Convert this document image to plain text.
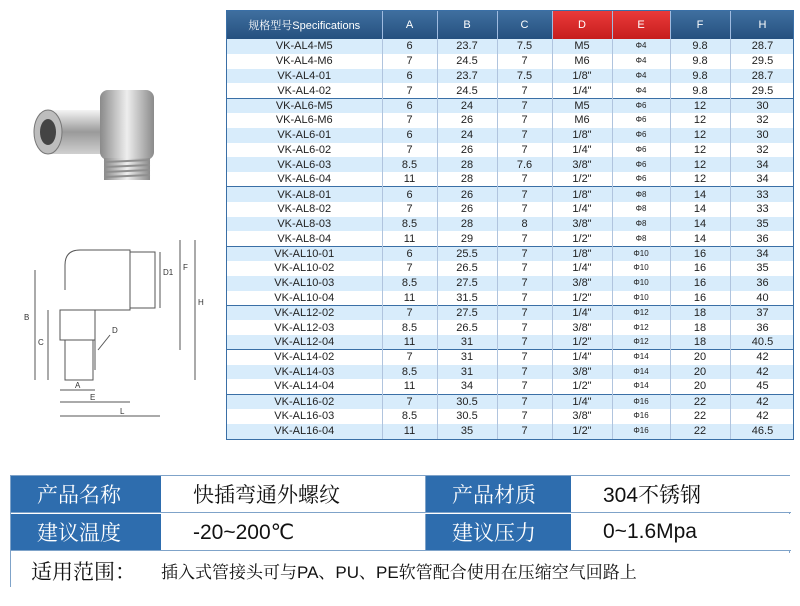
D1
F
H
B
C
D
A
E
L
规格型号Specifications	A	B	C	D	E	F	H
VK-AL4-M5	6	23.7	7.5	M5	Φ4	9.8	28.7
VK-AL4-M6	7	24.5	7	M6	Φ4	9.8	29.5
VK-AL4-01	6	23.7	7.5	1/8"	Φ4	9.8	28.7
VK-AL4-02	7	24.5	7	1/4"	Φ4	9.8	29.5
VK-AL6-M5	6	24	7	M5	Φ6	12	30
VK-AL6-M6	7	26	7	M6	Φ6	12	32
VK-AL6-01	6	24	7	1/8"	Φ6	12	30
VK-AL6-02	7	26	7	1/4"	Φ6	12	32
VK-AL6-03	8.5	28	7.6	3/8"	Φ6	12	34
VK-AL6-04	11	28	7	1/2"	Φ6	12	34
VK-AL8-01	6	26	7	1/8"	Φ8	14	33
VK-AL8-02	7	26	7	1/4"	Φ8	14	33
VK-AL8-03	8.5	28	8	3/8"	Φ8	14	35
VK-AL8-04	11	29	7	1/2"	Φ8	14	36
VK-AL10-01	6	25.5	7	1/8"	Φ10	16	34
VK-AL10-02	7	26.5	7	1/4"	Φ10	16	35
VK-AL10-03	8.5	27.5	7	3/8"	Φ10	16	36
VK-AL10-04	11	31.5	7	1/2"	Φ10	16	40
VK-AL12-02	7	27.5	7	1/4"	Φ12	18	37
VK-AL12-03	8.5	26.5	7	3/8"	Φ12	18	36
VK-AL12-04	11	31	7	1/2"	Φ12	18	40.5
VK-AL14-02	7	31	7	1/4"	Φ14	20	42
VK-AL14-03	8.5	31	7	3/8"	Φ14	20	42
VK-AL14-04	11	34	7	1/2"	Φ14	20	45
VK-AL16-02	7	30.5	7	1/4"	Φ16	22	42
VK-AL16-03	8.5	30.5	7	3/8"	Φ16	22	42
VK-AL16-04	11	35	7	1/2"	Φ16	22	46.5
产品名称	快插弯通外螺纹	产品材质	304不锈钢
建议温度	-20~200℃	建议压力	0~1.6Mpa
适用范围：	插入式管接头可与PA、PU、PE软管配合使用在压缩空气回路上
